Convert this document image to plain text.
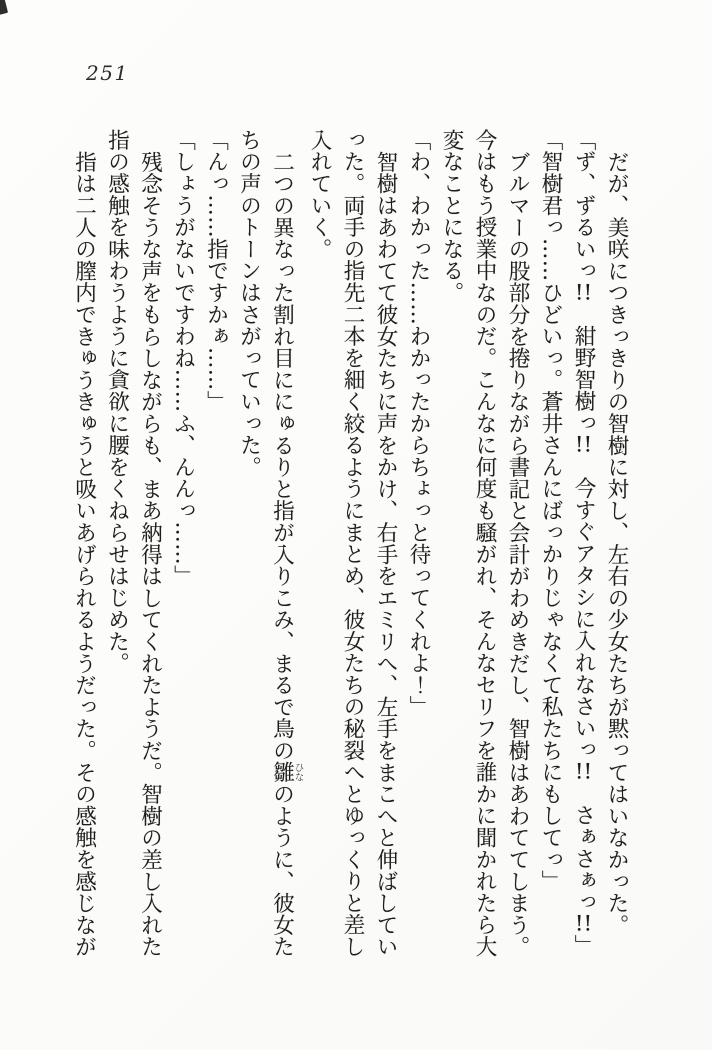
251
だが、美咲につきっきりの智樹に対し、左右の少女たちが黙ってはいなかった。
「ず、ずるいっ!!　紺野智樹っ!!　今すぐアタシに入れなさいっ!!　さぁさぁっ!!」
「智樹君っ……ひどいっ。蒼井さんにばっかりじゃなくて私たちにもしてっ」
ブルマーの股部分を捲りながら書記と会計がわめきだし、智樹はあわててしまう。
今はもう授業中なのだ。こんなに何度も騒がれ、そんなセリフを誰かに聞かれたら大
変なことになる。
「わ、わかった……わかったからちょっと待ってくれよ！」
智樹はあわてて彼女たちに声をかけ、右手をエミリへ、左手をまこへと伸ばしてい
った。両手の指先二本を細く絞るようにまとめ、彼女たちの秘裂へとゆっくりと差し
入れていく。
二つの異なった割れ目ににゅるりと指が入りこみ、まるで鳥の雛ひなのように、彼女た
ちの声のトーンはさがっていった。
「んっ……指ですかぁ……」
「しょうがないですわね……ふ、んんっ……」
残念そうな声をもらしながらも、まあ納得はしてくれたようだ。智樹の差し入れた
指の感触を味わうように貪欲に腰をくねらせはじめた。
指は二人の膣内できゅうきゅうと吸いあげられるようだった。その感触を感じなが
